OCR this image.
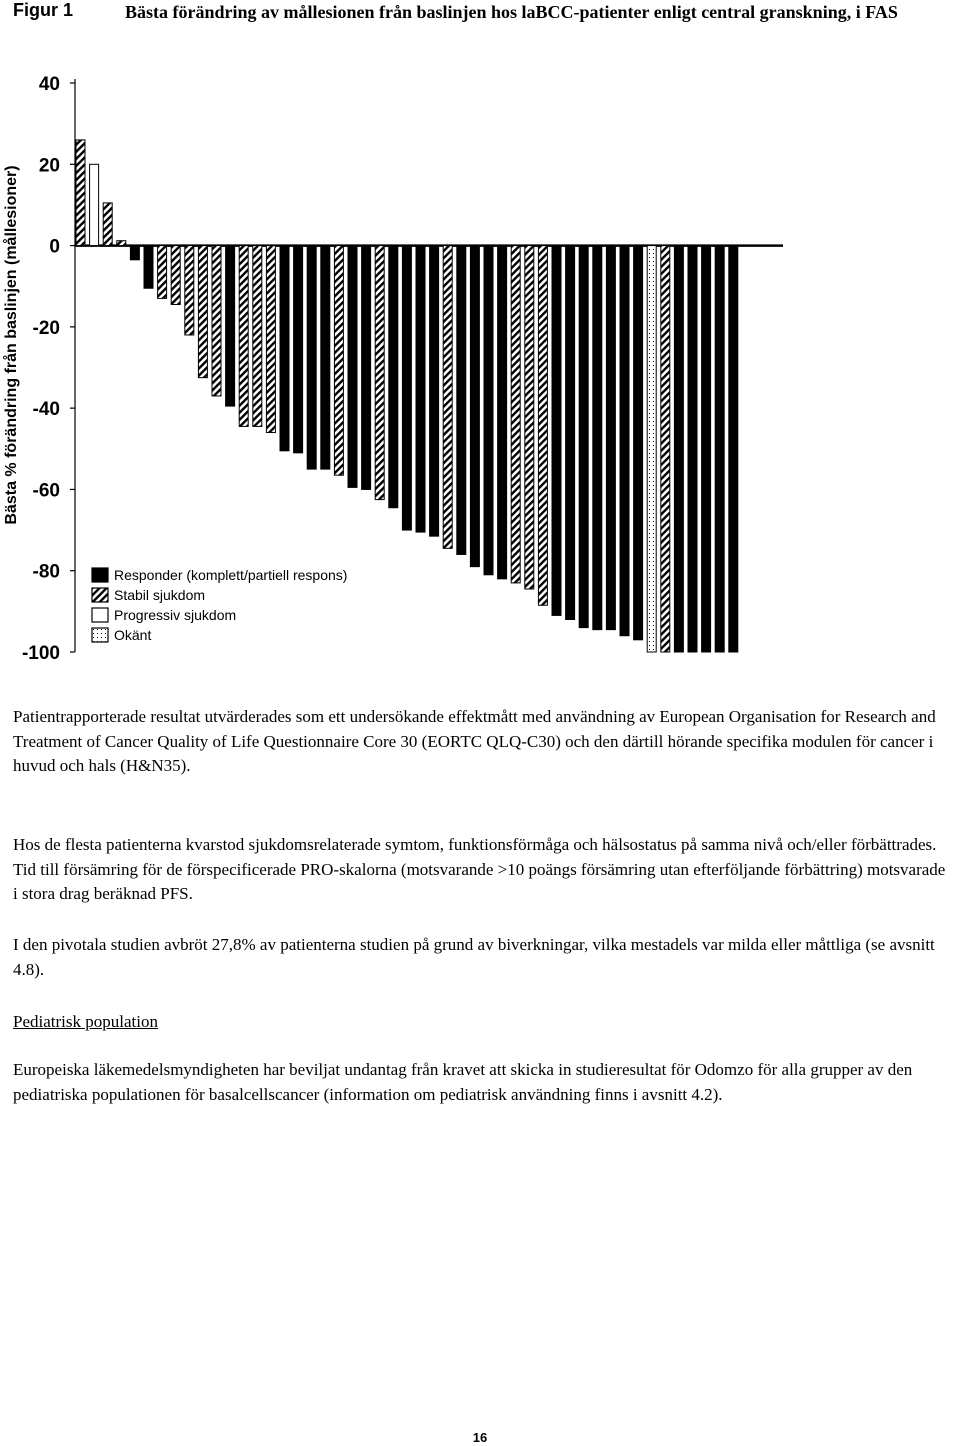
Figur 1	Bästa förändring av mållesionen från baslinjen hos laBCC-patienter enligt central granskning, i FAS
40
20
0
-20
-40
-60
-80
-100
Responder (komplett/partiell respons)
Stabil sjukdom
Progressiv sjukdom
Okänt
Bästa % förändring från baslinjen (mållesioner)

Patientrapporterade resultat utvärderades som ett undersökande effektmått med användning av European Organisation for Research and Treatment of Cancer Quality of Life Questionnaire Core 30 (EORTC QLQ-C30) och den därtill hörande specifika modulen för cancer i huvud och hals (H&N35).

Hos de flesta patienterna kvarstod sjukdomsrelaterade symtom, funktionsförmåga och hälsostatus på samma nivå och/eller förbättrades. Tid till försämring för de förspecificerade PRO-skalorna (motsvarande >10 poängs försämring utan efterföljande förbättring) motsvarade i stora drag beräknad PFS.

I den pivotala studien avbröt 27,8% av patienterna studien på grund av biverkningar, vilka mestadels var milda eller måttliga (se avsnitt 4.8).

Pediatrisk population

Europeiska läkemedelsmyndigheten har beviljat undantag från kravet att skicka in studieresultat för Odomzo för alla grupper av den pediatriska populationen för basalcellscancer (information om pediatrisk användning finns i avsnitt 4.2).

16
